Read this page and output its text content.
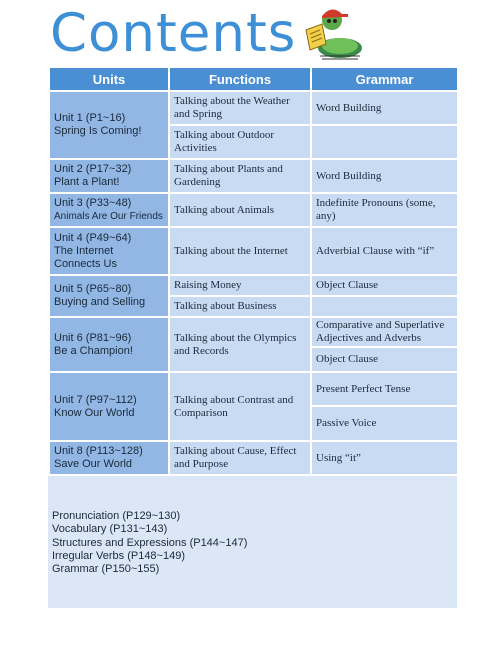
Contents
Units	Functions	Grammar

Unit 1 (P1~16)
Spring Is Coming!	Talking about the Weather and Spring	Word Building
	Talking about Outdoor Activities	

Unit 2 (P17~32)
Plant a Plant!	Talking about Plants and Gardening	Word Building

Unit 3 (P33~48)
Animals Are Our Friends	Talking about Animals	Indefinite Pronouns (some, any)

Unit 4 (P49~64)
The Internet Connects Us	Talking about the Internet	Adverbial Clause with “if”

Unit 5 (P65~80)
Buying and Selling	Raising Money	Object Clause
	Talking about Business	

Unit 6 (P81~96)
Be a Champion!	Talking about the Olympics and Records	Comparative and Superlative Adjectives and Adverbs
		Object Clause

Unit 7 (P97~112)
Know Our World	Talking about Contrast and Comparison	Present Perfect Tense
		Passive Voice

Unit 8 (P113~128)
Save Our World	Talking about Cause, Effect and Purpose	Using “it”
Pronunciation (P129~130)
Vocabulary (P131~143)
Structures and Expressions (P144~147)
Irregular Verbs (P148~149)
Grammar (P150~155)
